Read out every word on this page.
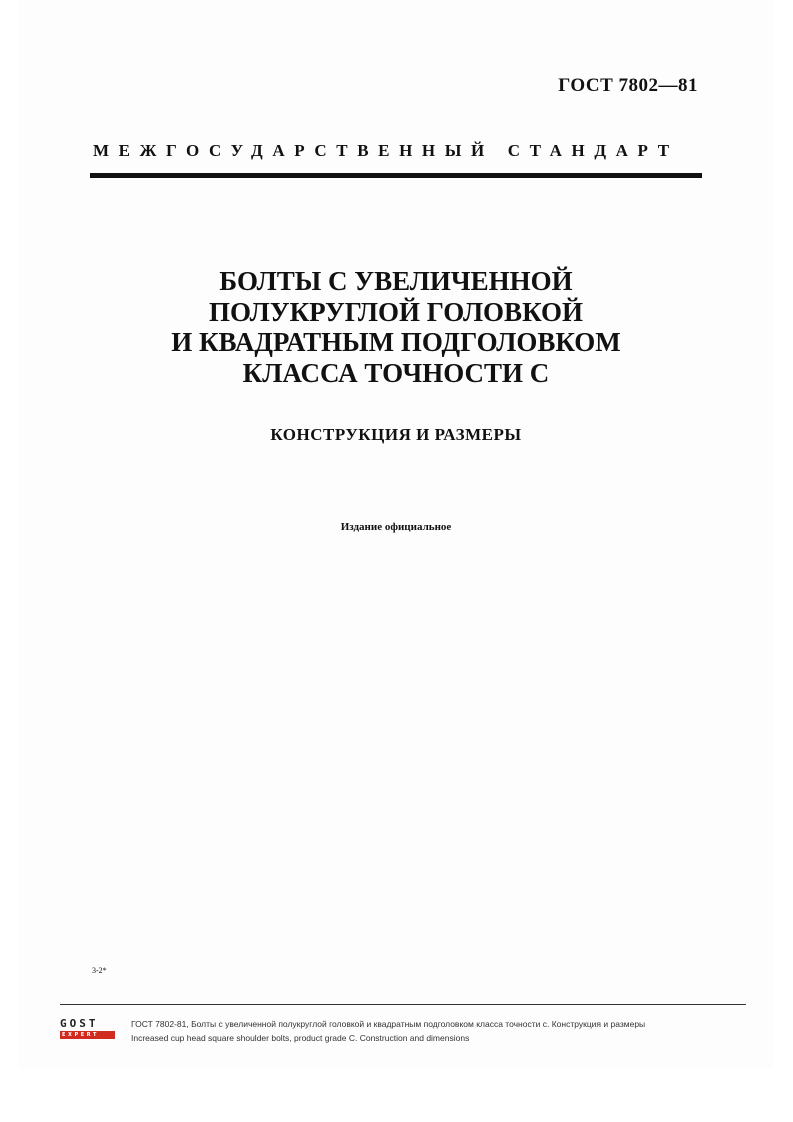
ГОСТ 7802—81
МЕЖГОСУДАРСТВЕННЫЙ СТАНДАРТ
БОЛТЫ С УВЕЛИЧЕННОЙ
ПОЛУКРУГЛОЙ ГОЛОВКОЙ
И КВАДРАТНЫМ ПОДГОЛОВКОМ
КЛАССА ТОЧНОСТИ С
КОНСТРУКЦИЯ И РАЗМЕРЫ
Издание официальное
3-2*
GOST
EXPERT
ГОСТ 7802-81, Болты с увеличенной полукруглой головкой и квадратным подголовком класса точности с. Конструкция и размеры
Increased cup head square shoulder bolts, product grade C. Construction and dimensions
